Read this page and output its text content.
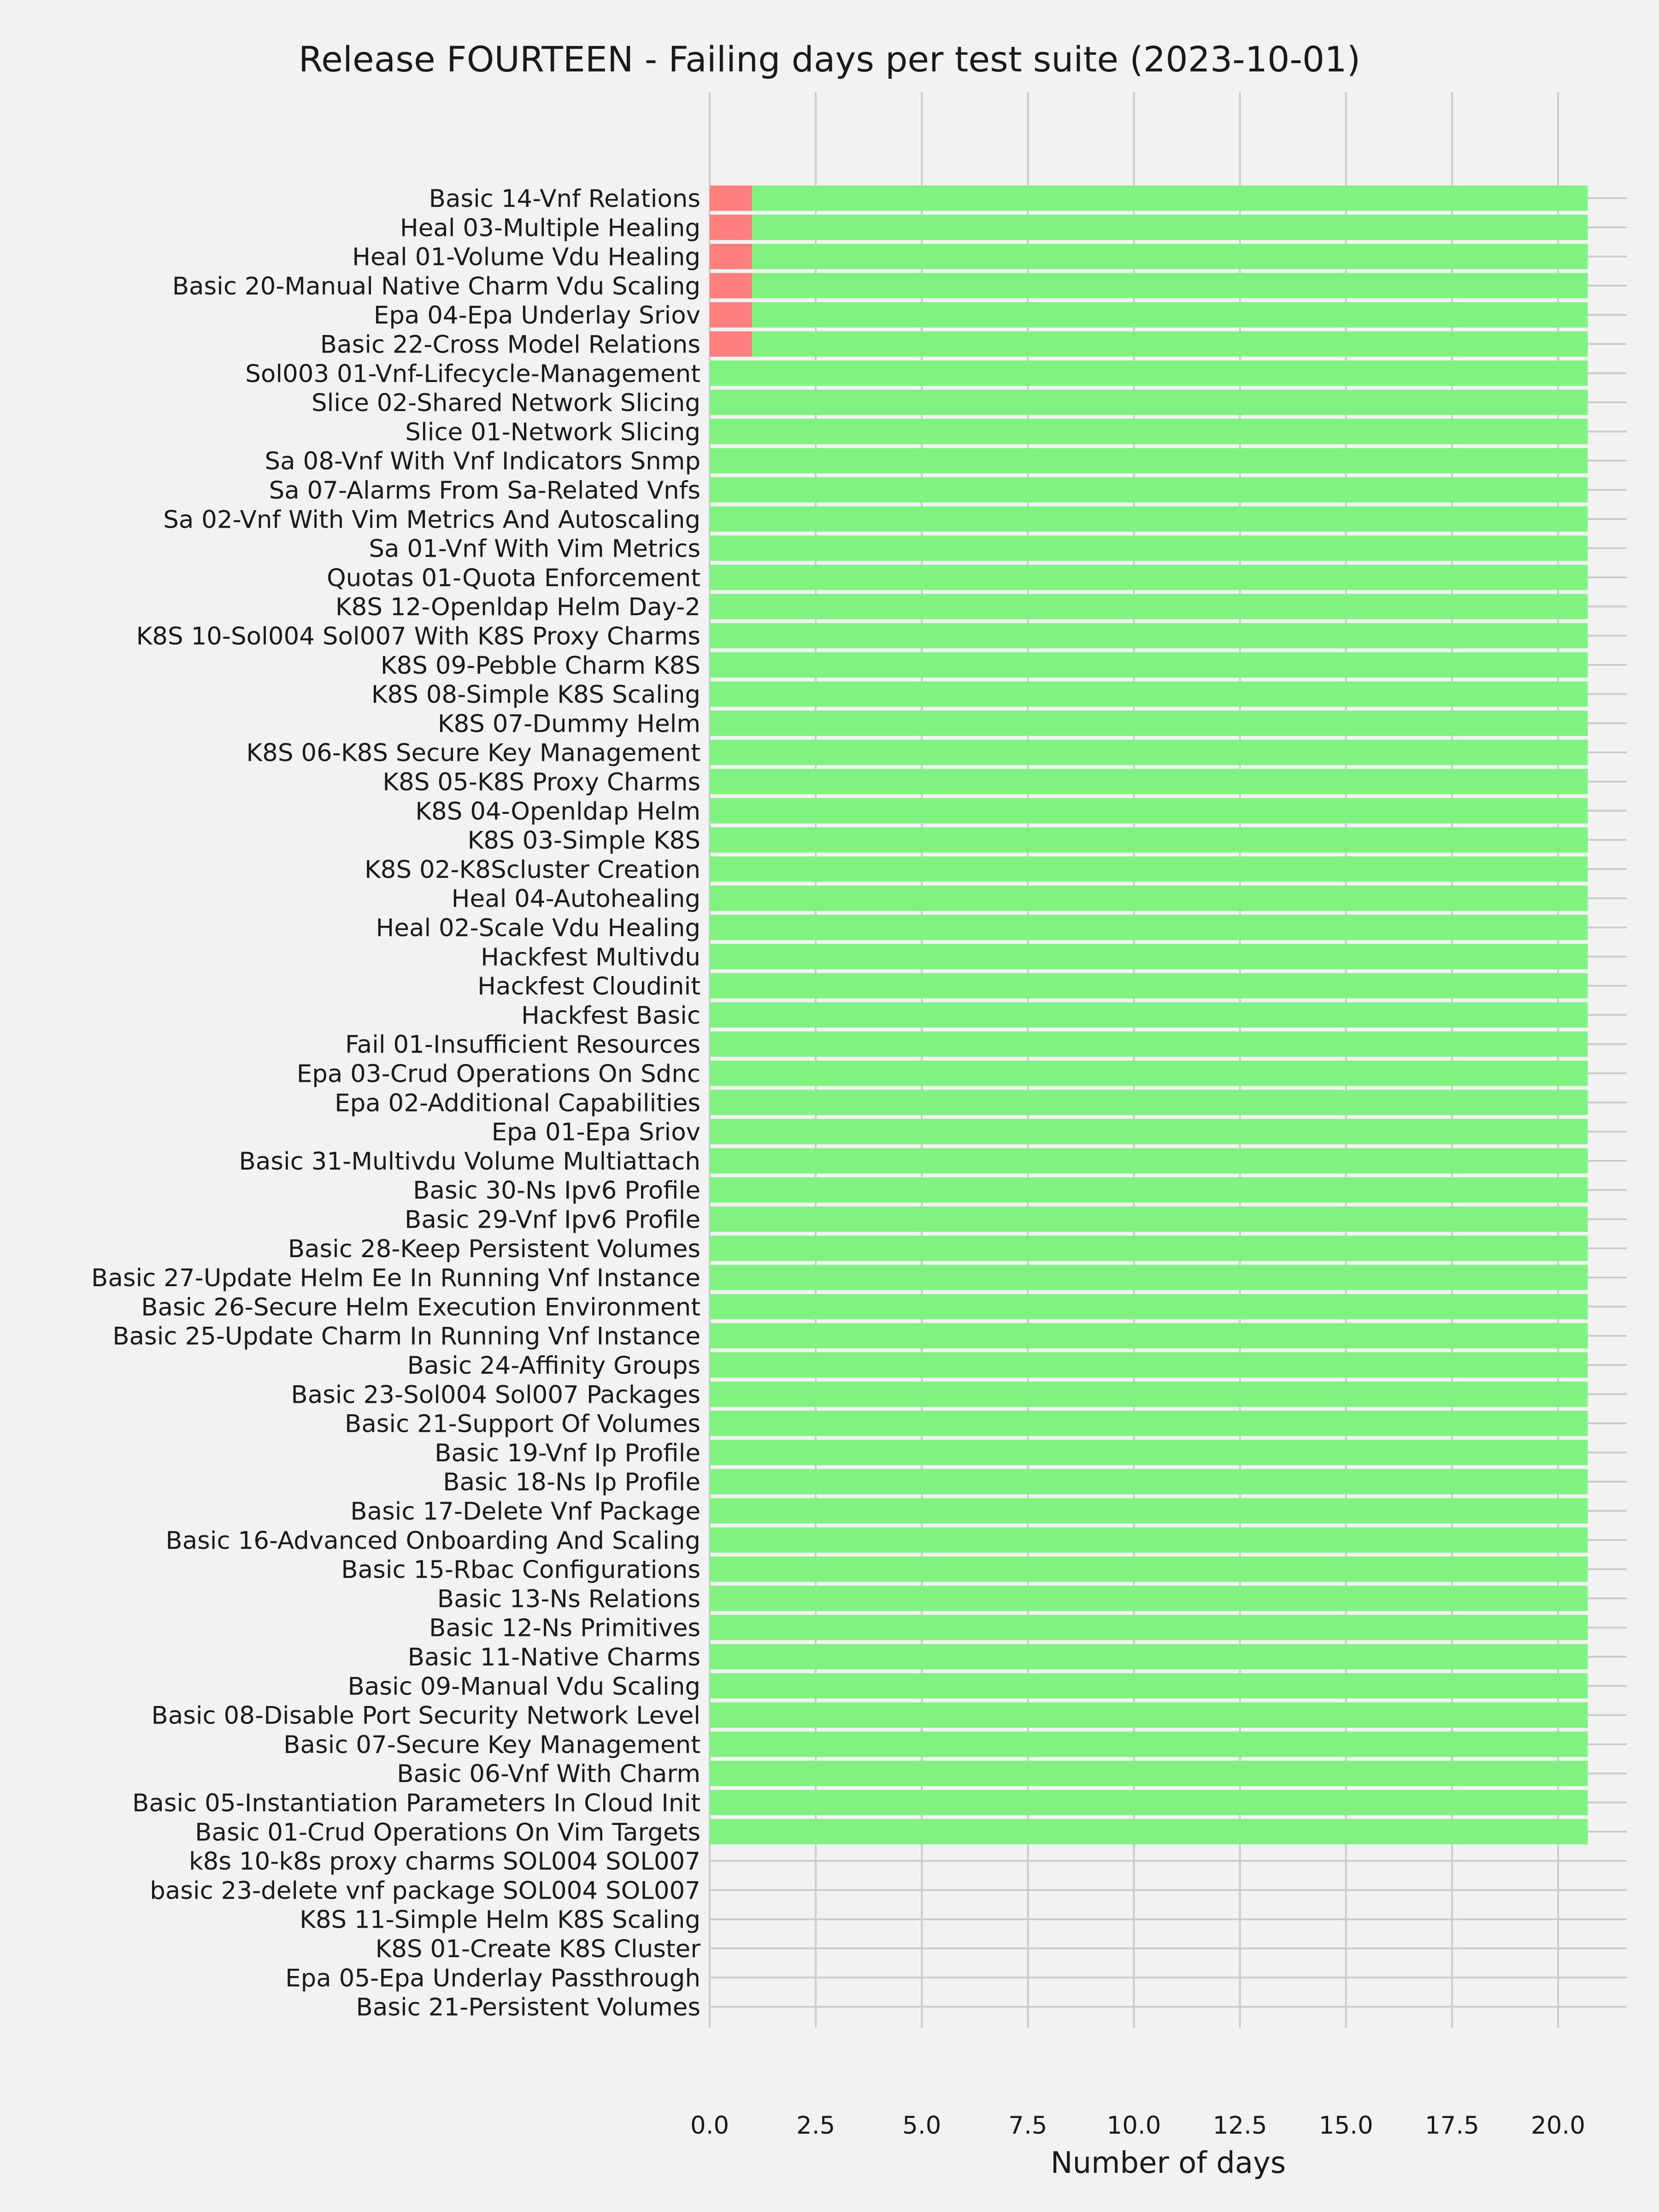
Release FOURTEEN - Failing days per test suite (2023-10-01)
Basic 14-Vnf Relations
Heal 03-Multiple Healing
Heal 01-Volume Vdu Healing
Basic 20-Manual Native Charm Vdu Scaling
Epa 04-Epa Underlay Sriov
Basic 22-Cross Model Relations
Sol003 01-Vnf-Lifecycle-Management
Slice 02-Shared Network Slicing
Slice 01-Network Slicing
Sa 08-Vnf With Vnf Indicators Snmp
Sa 07-Alarms From Sa-Related Vnfs
Sa 02-Vnf With Vim Metrics And Autoscaling
Sa 01-Vnf With Vim Metrics
Quotas 01-Quota Enforcement
K8S 12-Openldap Helm Day-2
K8S 10-Sol004 Sol007 With K8S Proxy Charms
K8S 09-Pebble Charm K8S
K8S 08-Simple K8S Scaling
K8S 07-Dummy Helm
K8S 06-K8S Secure Key Management
K8S 05-K8S Proxy Charms
K8S 04-Openldap Helm
K8S 03-Simple K8S
K8S 02-K8Scluster Creation
Heal 04-Autohealing
Heal 02-Scale Vdu Healing
Hackfest Multivdu
Hackfest Cloudinit
Hackfest Basic
Fail 01-Insufficient Resources
Epa 03-Crud Operations On Sdnc
Epa 02-Additional Capabilities
Epa 01-Epa Sriov
Basic 31-Multivdu Volume Multiattach
Basic 30-Ns Ipv6 Profile
Basic 29-Vnf Ipv6 Profile
Basic 28-Keep Persistent Volumes
Basic 27-Update Helm Ee In Running Vnf Instance
Basic 26-Secure Helm Execution Environment
Basic 25-Update Charm In Running Vnf Instance
Basic 24-Affinity Groups
Basic 23-Sol004 Sol007 Packages
Basic 21-Support Of Volumes
Basic 19-Vnf Ip Profile
Basic 18-Ns Ip Profile
Basic 17-Delete Vnf Package
Basic 16-Advanced Onboarding And Scaling
Basic 15-Rbac Configurations
Basic 13-Ns Relations
Basic 12-Ns Primitives
Basic 11-Native Charms
Basic 09-Manual Vdu Scaling
Basic 08-Disable Port Security Network Level
Basic 07-Secure Key Management
Basic 06-Vnf With Charm
Basic 05-Instantiation Parameters In Cloud Init
Basic 01-Crud Operations On Vim Targets
k8s 10-k8s proxy charms SOL004 SOL007
basic 23-delete vnf package SOL004 SOL007
K8S 11-Simple Helm K8S Scaling
K8S 01-Create K8S Cluster
Epa 05-Epa Underlay Passthrough
Basic 21-Persistent Volumes
0.0	2.5	5.0	7.5 10.0 12.5 15.0 17.5 20.0
Number of days
